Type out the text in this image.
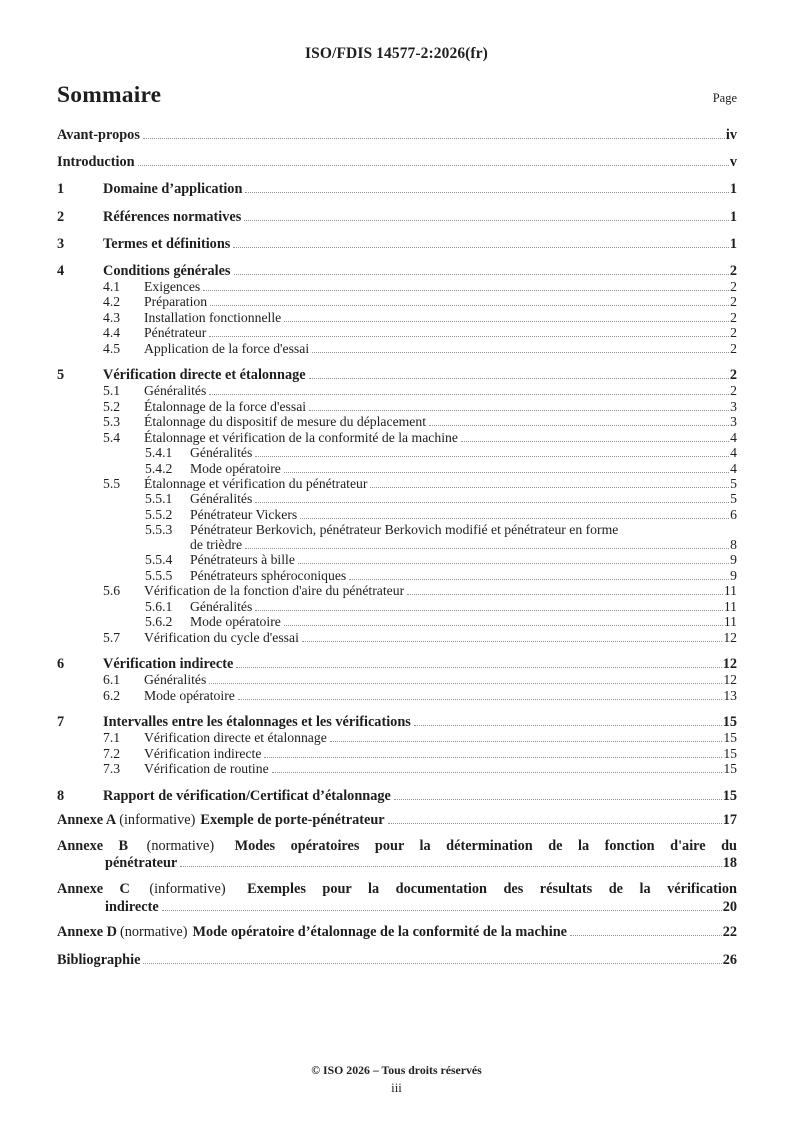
ISO/FDIS 14577-2:2026(fr)
Sommaire	Page
Avant-propos	iv
Introduction	v
1	Domaine d’application	1
2	Références normatives	1
3	Termes et définitions	1
4	Conditions générales	2
4.1	Exigences	2
4.2	Préparation	2
4.3	Installation fonctionnelle	2
4.4	Pénétrateur	2
4.5	Application de la force d'essai	2
5	Vérification directe et étalonnage	2
5.1	Généralités	2
5.2	Étalonnage de la force d'essai	3
5.3	Étalonnage du dispositif de mesure du déplacement	3
5.4	Étalonnage et vérification de la conformité de la machine	4
5.4.1	Généralités	4
5.4.2	Mode opératoire	4
5.5	Étalonnage et vérification du pénétrateur	5
5.5.1	Généralités	5
5.5.2	Pénétrateur Vickers	6
5.5.3	Pénétrateur Berkovich, pénétrateur Berkovich modifié et pénétrateur en forme
de trièdre	8
5.5.4	Pénétrateurs à bille	9
5.5.5	Pénétrateurs sphéroconiques	9
5.6	Vérification de la fonction d'aire du pénétrateur	11
5.6.1	Généralités	11
5.6.2	Mode opératoire	11
5.7	Vérification du cycle d'essai	12
6	Vérification indirecte	12
6.1	Généralités	12
6.2	Mode opératoire	13
7	Intervalles entre les étalonnages et les vérifications	15
7.1	Vérification directe et étalonnage	15
7.2	Vérification indirecte	15
7.3	Vérification de routine	15
8	Rapport de vérification/Certificat d’étalonnage	15
Annexe A (informative) Exemple de porte-pénétrateur	17
Annexe B (normative) Modes opératoires pour la détermination de la fonction d'aire du
pénétrateur	18
Annexe C (informative) Exemples pour la documentation des résultats de la vérification
indirecte	20
Annexe D (normative) Mode opératoire d’étalonnage de la conformité de la machine	22
Bibliographie	26
© ISO 2026 – Tous droits réservés
iii
